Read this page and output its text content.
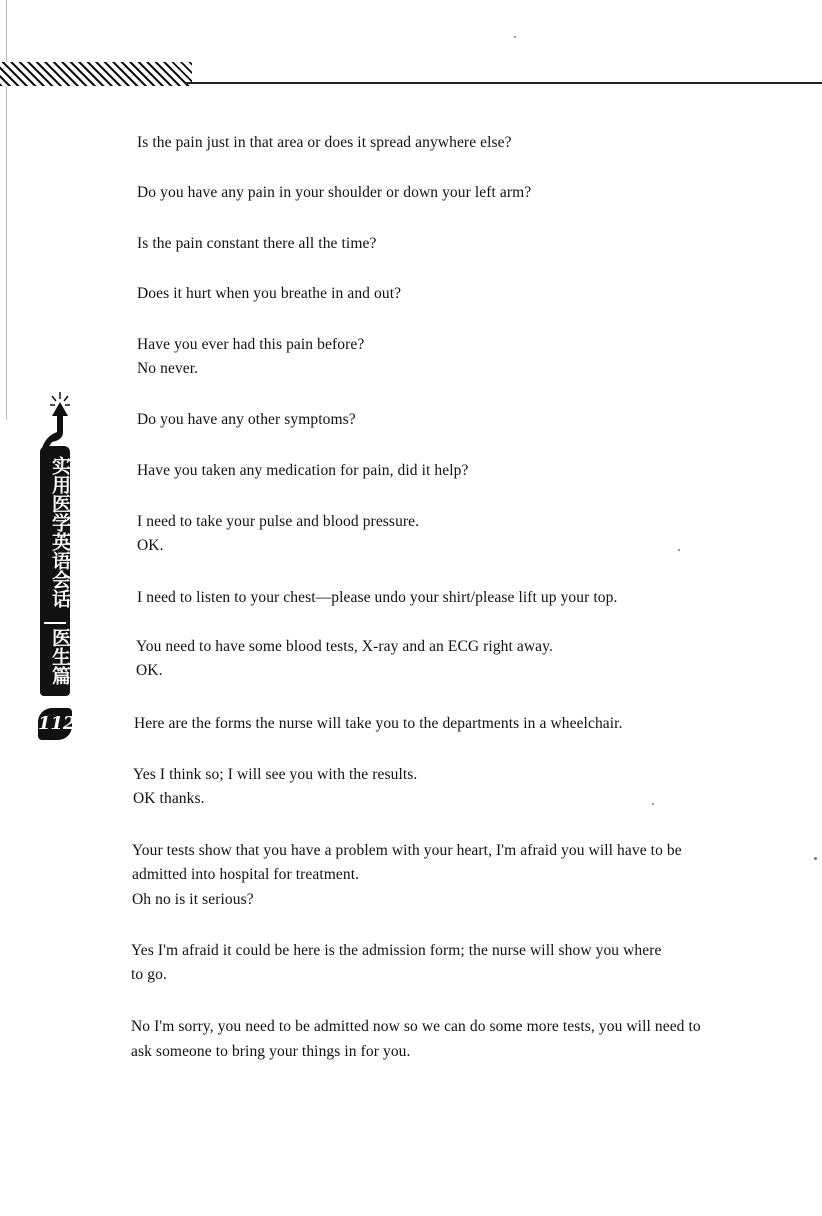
实用医学英语会话
医生篇
112
Is the pain just in that area or does it spread anywhere else?
Do you have any pain in your shoulder or down your left arm?
Is the pain constant there all the time?
Does it hurt when you breathe in and out?
Have you ever had this pain before?
No never.
Do you have any other symptoms?
Have you taken any medication for pain, did it help?
I need to take your pulse and blood pressure.
OK.
I need to listen to your chest—please undo your shirt/please lift up your top.
You need to have some blood tests, X-ray and an ECG right away.
OK.
Here are the forms the nurse will take you to the departments in a wheelchair.
Yes I think so; I will see you with the results.
OK thanks.
Your tests show that you have a problem with your heart, I'm afraid you will have to be
admitted into hospital for treatment.
Oh no is it serious?
Yes I'm afraid it could be here is the admission form; the nurse will show you where
to go.
No I'm sorry, you need to be admitted now so we can do some more tests, you will need to
ask someone to bring your things in for you.
